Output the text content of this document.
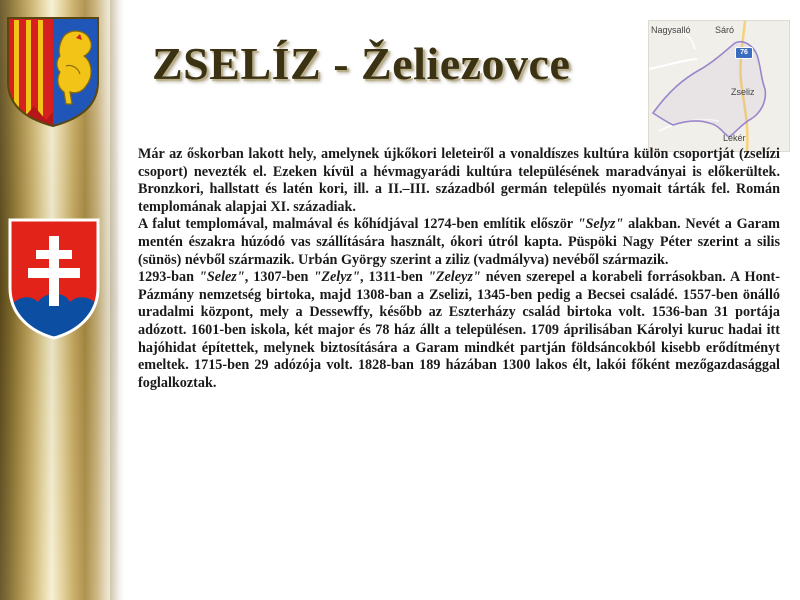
ZSELÍZ - Želiezovce
Nagysalló	Sáró
76
Zseliz
Lekér

Már az őskorban lakott hely, amelynek újkőkori leleteiről a vonaldíszes kultúra külön csoportját (zselízi csoport) nevezték el. Ezeken kívül a hévmagyarádi kultúra településének maradványai is előkerültek. Bronzkori, hallstatt és latén kori, ill. a II.–III. századból germán település nyomait tárták fel. Román templomának alapjai XI. századiak.

A falut templomával, malmával és kőhídjával 1274-ben említik először "Selyz" alakban. Nevét a Garam mentén északra húzódó vas szállítására használt, ókori útról kapta. Püspöki Nagy Péter szerint a silis (sünös) névből származik. Urbán György szerint a ziliz (vadmályva) nevéből származik.

1293-ban "Selez", 1307-ben "Zelyz", 1311-ben "Zeleyz" néven szerepel a korabeli forrásokban. A Hont-Pázmány nemzetség birtoka, majd 1308-ban a Zselizi, 1345-ben pedig a Becsei családé. 1557-ben önálló uradalmi központ, mely a Dessewffy, később az Eszterházy család birtoka volt. 1536-ban 31 portája adózott. 1601-ben iskola, két major és 78 ház állt a településen. 1709 áprilisában Károlyi kuruc hadai itt hajóhidat építettek, melynek biztosítására a Garam mindkét partján földsáncokból kisebb erődítményt emeltek. 1715-ben 29 adózója volt. 1828-ban 189 házában 1300 lakos élt, lakói főként mezőgazdasággal foglalkoztak.
